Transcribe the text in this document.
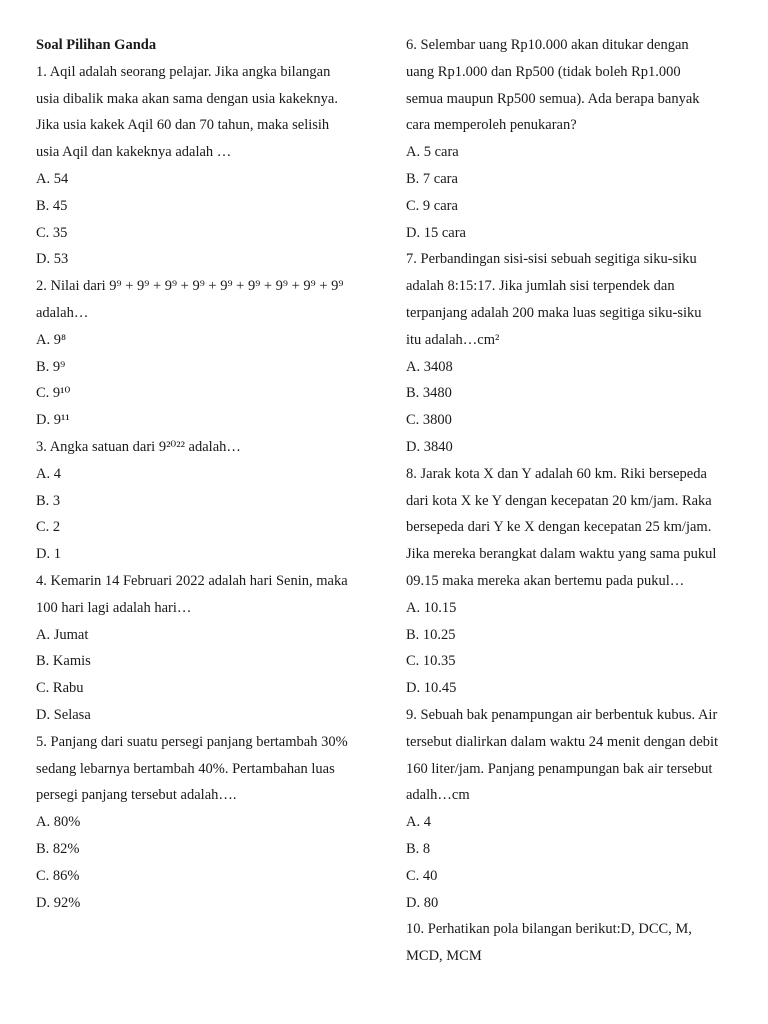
Soal Pilihan Ganda
1. Aqil adalah seorang pelajar. Jika angka bilangan
usia dibalik maka akan sama dengan usia kakeknya.
Jika usia kakek Aqil 60 dan 70 tahun, maka selisih
usia Aqil dan kakeknya adalah …
A. 54
B. 45
C. 35
D. 53
2. Nilai dari 9⁹ + 9⁹ + 9⁹ + 9⁹ + 9⁹ + 9⁹ + 9⁹ + 9⁹ + 9⁹
adalah…
A. 9⁸
B. 9⁹
C. 9¹⁰
D. 9¹¹
3. Angka satuan dari 9²⁰²² adalah…
A. 4
B. 3
C. 2
D. 1
4. Kemarin 14 Februari 2022 adalah hari Senin, maka
100 hari lagi adalah hari…
A. Jumat
B. Kamis
C. Rabu
D. Selasa
5. Panjang dari suatu persegi panjang bertambah 30%
sedang lebarnya bertambah 40%. Pertambahan luas
persegi panjang tersebut adalah….
A. 80%
B. 82%
C. 86%
D. 92%
6. Selembar uang Rp10.000 akan ditukar dengan
uang Rp1.000 dan Rp500 (tidak boleh Rp1.000
semua maupun Rp500 semua). Ada berapa banyak
cara memperoleh penukaran?
A. 5 cara
B. 7 cara
C. 9 cara
D. 15 cara
7. Perbandingan sisi-sisi sebuah segitiga siku-siku
adalah 8:15:17. Jika jumlah sisi terpendek dan
terpanjang adalah 200 maka luas segitiga siku-siku
itu adalah…cm²
A. 3408
B. 3480
C. 3800
D. 3840
8. Jarak kota X dan Y adalah 60 km. Riki bersepeda
dari kota X ke Y dengan kecepatan 20 km/jam. Raka
bersepeda dari Y ke X dengan kecepatan 25 km/jam.
Jika mereka berangkat dalam waktu yang sama pukul
09.15 maka mereka akan bertemu pada pukul…
A. 10.15
B. 10.25
C. 10.35
D. 10.45
9. Sebuah bak penampungan air berbentuk kubus. Air
tersebut dialirkan dalam waktu 24 menit dengan debit
160 liter/jam. Panjang penampungan bak air tersebut
adalh…cm
A. 4
B. 8
C. 40
D. 80
10. Perhatikan pola bilangan berikut:D, DCC, M,
MCD, MCM
